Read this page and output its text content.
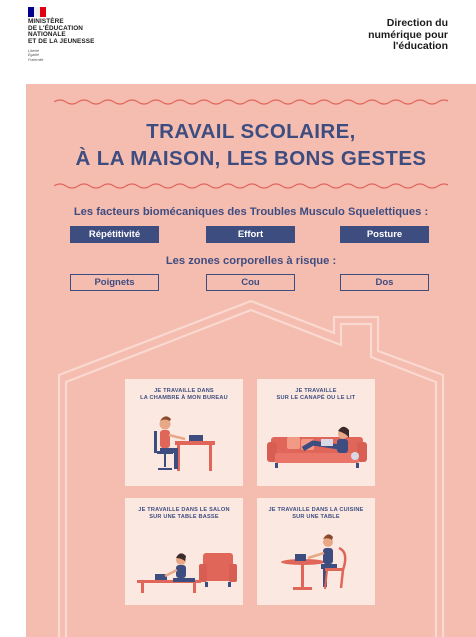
MINISTÈRE
DE L'ÉDUCATION
NATIONALE
ET DE LA JEUNESSE
Liberté
Égalité
Fraternité
Direction du
numérique pour
l'éducation
TRAVAIL SCOLAIRE,
À LA MAISON, LES BONS GESTES
Les facteurs biomécaniques des Troubles Musculo Squelettiques :
Répétitivité	Effort	Posture
Les zones corporelles à risque :
Poignets	Cou	Dos
JE TRAVAILLE DANS
LA CHAMBRE À MON BUREAU
JE TRAVAILLE
SUR LE CANAPÉ OU LE LIT
JE TRAVAILLE DANS LE SALON
SUR UNE TABLE BASSE
JE TRAVAILLE DANS LA CUISINE
SUR UNE TABLE
